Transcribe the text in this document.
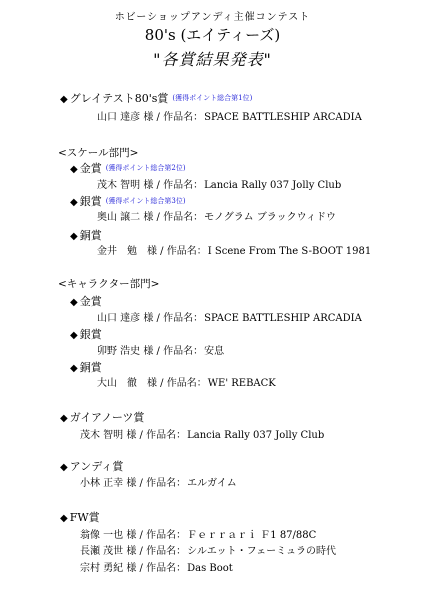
ホビーショップアンディ主催コンテスト
80's (エイティーズ)
"各賞結果発表"
◆ グレイテスト80's賞 (獲得ポイント総合第1位)
山口 達彦 様 / 作品名：SPACE BATTLESHIP ARCADIA
<スケール部門>
◆ 金賞 (獲得ポイント総合第2位)
茂木 智明 様 / 作品名：Lancia Rally 037 Jolly Club
◆ 銀賞 (獲得ポイント総合第3位)
奥山 譲二 様 / 作品名：モノグラム ブラックウィドウ
◆ 銅賞
金井　勉　様 / 作品名：I Scene From The S-BOOT 1981
<キャラクター部門>
◆ 金賞
山口 達彦 様 / 作品名：SPACE BATTLESHIP ARCADIA
◆ 銀賞
卯野 浩史 様 / 作品名：安息
◆ 銅賞
大山　徹　様 / 作品名：WE' REBACK
◆ ガイアノーツ賞
茂木 智明 様 / 作品名：Lancia Rally 037 Jolly Club
◆ アンディ賞
小林 正幸 様 / 作品名：エルガイム
◆ FW賞
翁像 一也 様 / 作品名：Ｆｅｒｒａｒｉ Ｆ1 87/88C
長瀬 茂世 様 / 作品名：シルエット・フェーミュラの時代
宗村 勇紀 様 / 作品名：Das Boot
